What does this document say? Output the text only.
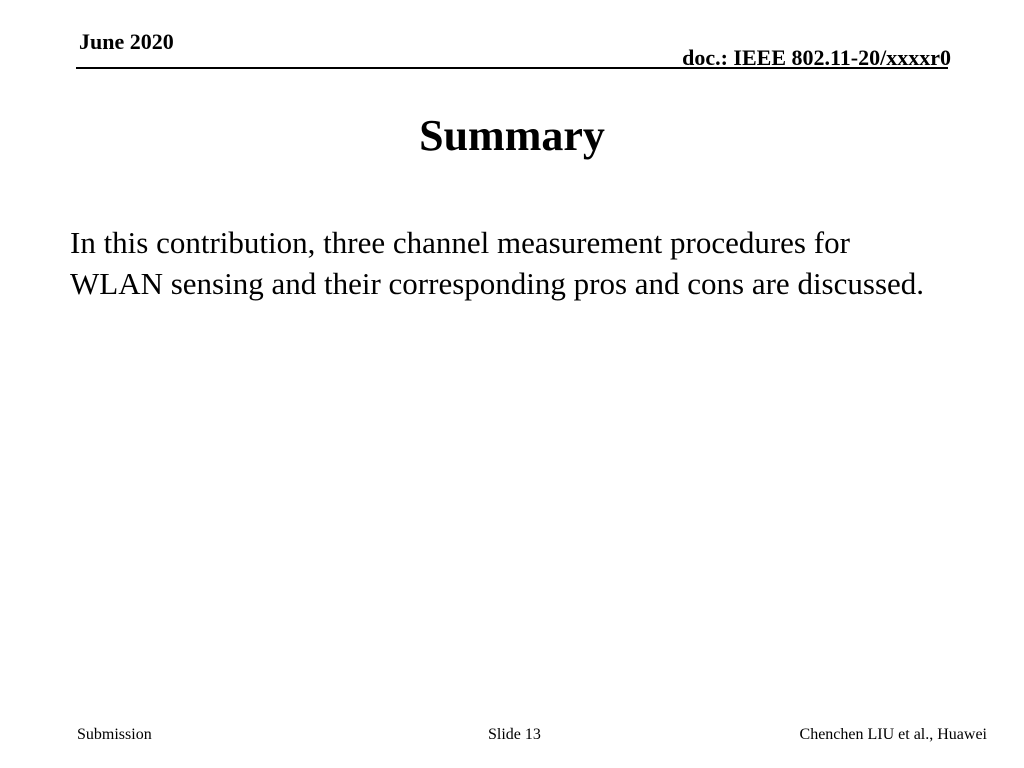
June 2020
doc.: IEEE 802.11-20/xxxxr0
Summary

In this contribution, three channel measurement procedures for WLAN sensing and their corresponding pros and cons are discussed.

Submission	Slide 13	Chenchen LIU et al., Huawei
